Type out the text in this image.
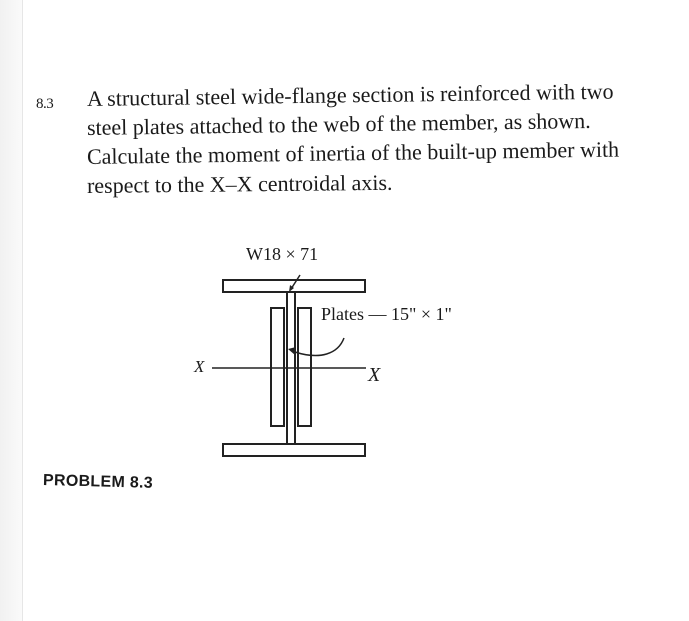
8.3 A structural steel wide-flange section is reinforced with two
steel plates attached to the web of the member, as shown.
Calculate the moment of inertia of the built-up member with
respect to the X–X centroidal axis.
W18 × 71
Plates — 15" × 1"
X	X
PROBLEM 8.3
